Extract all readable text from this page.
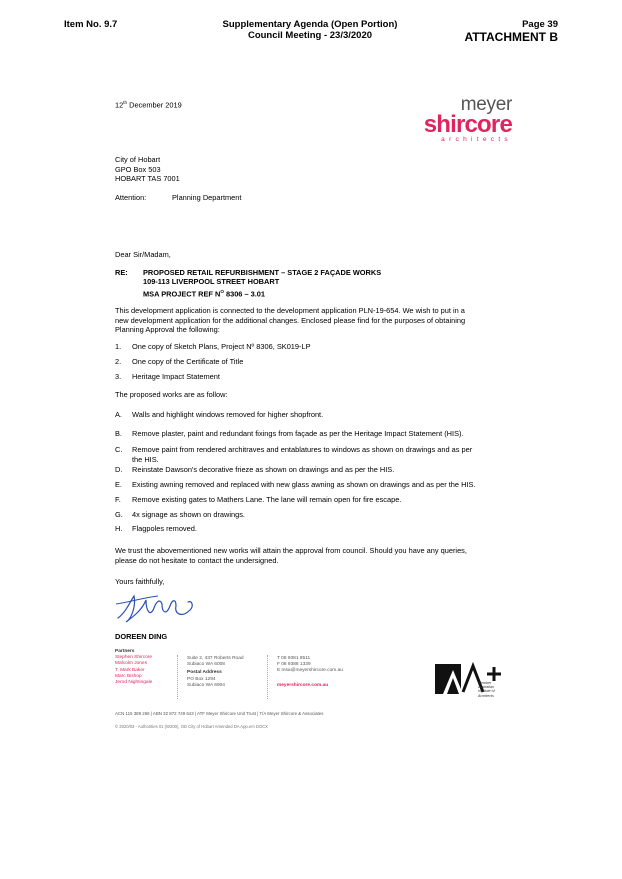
Item No. 9.7	Supplementary Agenda (Open Portion)
Council Meeting - 23/3/2020
Page 39
ATTACHMENT B
meyer
shircore
architects
12th December 2019
City of Hobart
GPO Box 503
HOBART TAS 7001
Attention:	Planning Department
Dear Sir/Madam,
RE: PROPOSED RETAIL REFURBISHMENT – STAGE 2 FAÇADE WORKS
109-113 LIVERPOOL STREET HOBART
MSA PROJECT REF $N^O$ 8306 – 3.01
This development application is connected to the development application PLN-19-654. We wish to put in a
new development application for the additional changes. Enclosed please find for the purposes of obtaining
Planning Approval the following:
1. One copy of Sketch Plans, Project Nº 8306, SK019-LP
2. One copy of the Certificate of Title
3. Heritage Impact Statement
The proposed works are as follow:
A. Walls and highlight windows removed for higher shopfront.
B. Remove plaster, paint and redundant fixings from façade as per the Heritage Impact Statement (HIS).
C. Remove paint from rendered architraves and entablatures to windows as shown on drawings and as per
the HIS.
D. Reinstate Dawson's decorative frieze as shown on drawings and as per the HIS.
E. Existing awning removed and replaced with new glass awning as shown on drawings and as per the HIS.
F. Remove existing gates to Mathers Lane. The lane will remain open for fire escape.
G. 4x signage as shown on drawings.
H. Flagpoles removed.
We trust the abovementioned new works will attain the approval from council. Should you have any queries,
please do not hesitate to contact the undersigned.
Yours faithfully,
DOREEN DING
Partners
Stephen Shircore
Malcolm Jones
T. Mark Baker
Marc Bishop
Jerod Nightingale
Suite 2, 437 Roberts Road
Subiaco WA 6008
Postal Address
PO Box 1294
Subiaco WA 6904
T 08 9381 8511
F 08 9388 1339
E msa@meyershircore.com.au
meyershircore.com.au	Member
Australian
Institute of
Architects
ACN 115 389 266 | ABN 32 872 749 643 | ATF Meyer Shircore Unit Trust | T/A Meyer Shircore & Associates
© 2020/03 - Authorities 01 (W200), OD City of Hobart Amended DA App.em DOCX
